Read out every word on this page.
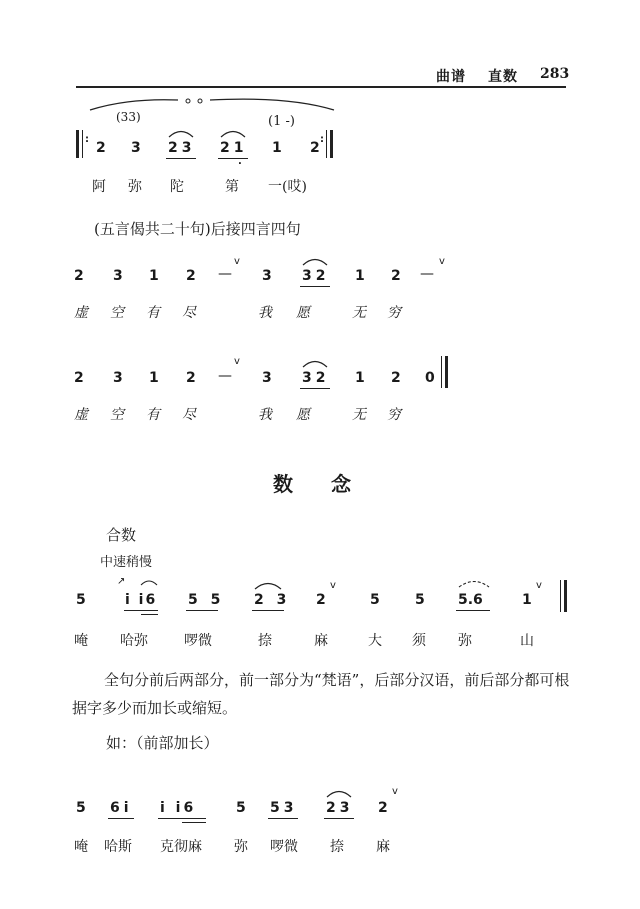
曲谱 直数 283
(33)	(1 -)
:
2 3 23 21
.
1 2
:
阿 弥 陀	第 一(哎)
(五言偈共二十句)后接四言四句
2 3 1 2 —
v
3 32 1 2 —
v
虚 空 有 尽	我 愿	无 穷
2 3 1 2 —
v
3 32 1 2 0
虚 空 有 尽	我 愿	无 穷
数念
合数
中速稍慢
5
↗
i i6 5 5 2 3 2
v
5	5 5.6	1
v
唵 哈弥	啰微	捺	麻	大 须 弥	山
全句分前后两部分，前一部分为“梵语”，后部分汉语，前后部分都可根据字多少而加长或缩短。
如：（前部加长）
5 6i i i6	5 53 23 2
v
唵 哈斯 克彻麻 弥 啰微 捺 麻
